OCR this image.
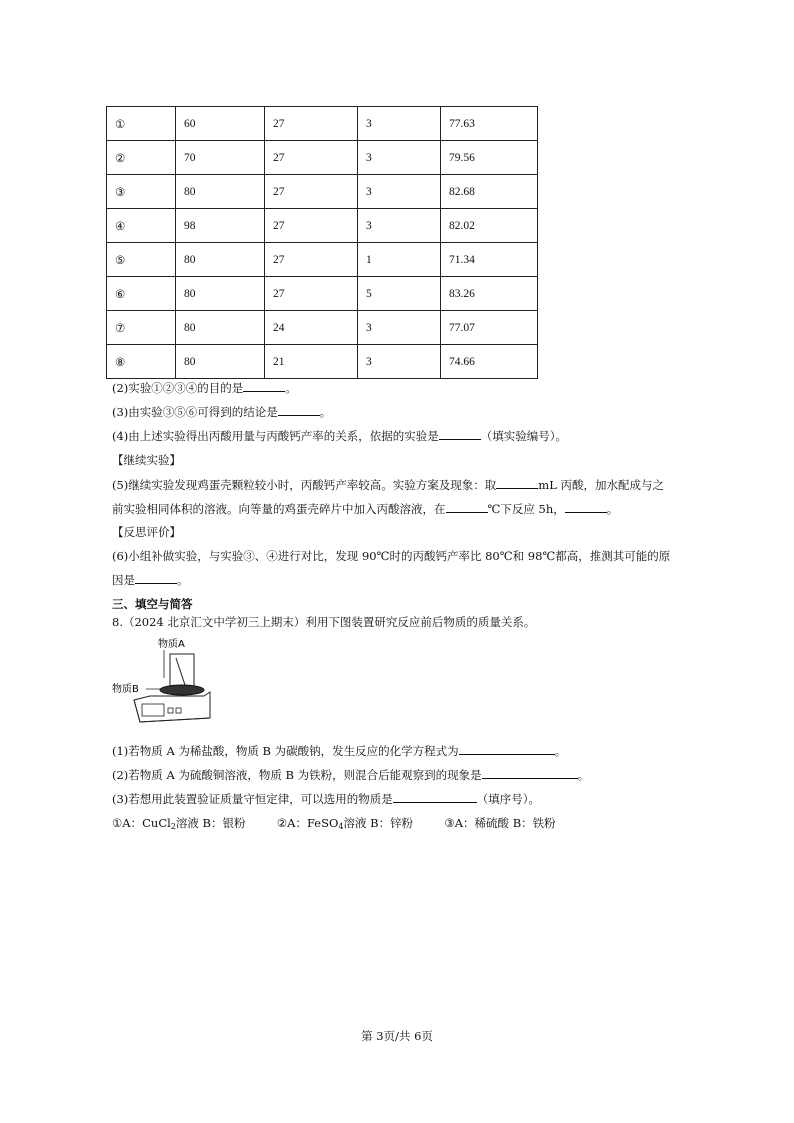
①	60	27	3	77.63
②	70	27	3	79.56
③	80	27	3	82.68
④	98	27	3	82.02
⑤	80	27	1	71.34
⑥	80	27	5	83.26
⑦	80	24	3	77.07
⑧	80	21	3	74.66
(2)实验①②③④的目的是	。
(3)由实验③⑤⑥可得到的结论是	。
(4)由上述实验得出丙酸用量与丙酸钙产率的关系，依据的实验是	（填实验编号）。
【继续实验】
(5)继续实验发现鸡蛋壳颗粒较小时，丙酸钙产率较高。实验方案及现象：取	mL 丙酸，加水配成与之
前实验相同体积的溶液。向等量的鸡蛋壳碎片中加入丙酸溶液，在	℃下反应 5h，	。
【反思评价】
(6)小组补做实验，与实验③、④进行对比，发现 90℃时的丙酸钙产率比 80℃和 98℃都高，推测其可能的原
因是	。
三、填空与简答
8.（2024 北京汇文中学初三上期末）利用下图装置研究反应前后物质的质量关系。
物质A
物质B
(1)若物质 A 为稀盐酸，物质 B 为碳酸钠，发生反应的化学方程式为	。
(2)若物质 A 为硫酸铜溶液，物质 B 为铁粉，则混合后能观察到的现象是	。
(3)若想用此装置验证质量守恒定律，可以选用的物质是	（填序号）。
①A：CuCl$_2$溶液 B：银粉	②A：FeSO$_4$溶液 B：锌粉	③A：稀硫酸 B：铁粉
第 3页/共 6页
